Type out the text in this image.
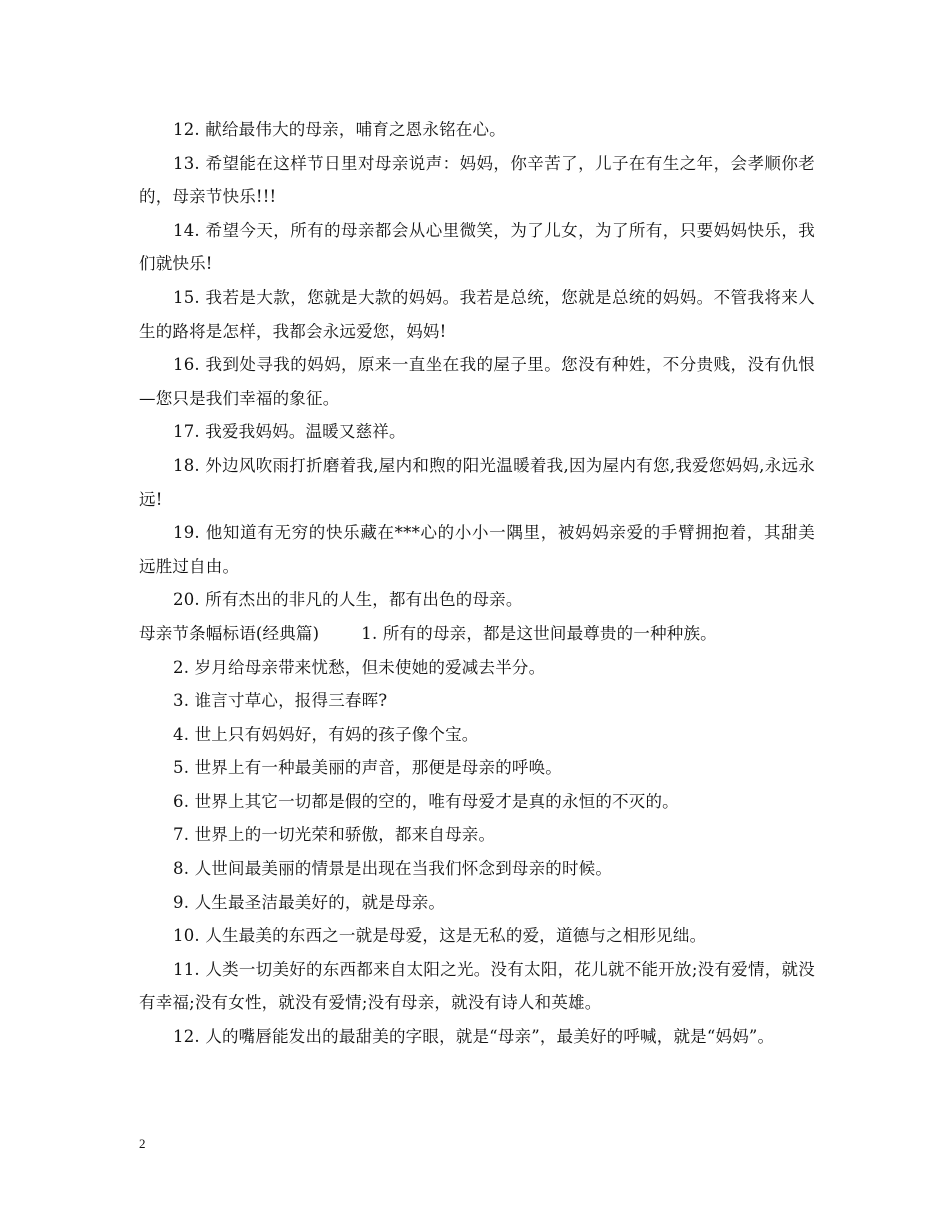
12. 献给最伟大的母亲，哺育之恩永铭在心。

13. 希望能在这样节日里对母亲说声：妈妈，你辛苦了，儿子在有生之年，会孝顺你老的，母亲节快乐!!!

14. 希望今天，所有的母亲都会从心里微笑，为了儿女，为了所有，只要妈妈快乐，我们就快乐!

15. 我若是大款，您就是大款的妈妈。我若是总统，您就是总统的妈妈。不管我将来人生的路将是怎样，我都会永远爱您，妈妈!

16. 我到处寻我的妈妈，原来一直坐在我的屋子里。您没有种姓，不分贵贱，没有仇恨—您只是我们幸福的象征。

17. 我爱我妈妈。温暖又慈祥。

18. 外边风吹雨打折磨着我,屋内和煦的阳光温暖着我,因为屋内有您,我爱您妈妈,永远永远!

19. 他知道有无穷的快乐藏在***心的小小一隅里，被妈妈亲爱的手臂拥抱着，其甜美远胜过自由。

20. 所有杰出的非凡的人生，都有出色的母亲。

母亲节条幅标语(经典篇)	1. 所有的母亲，都是这世间最尊贵的一种种族。

2. 岁月给母亲带来忧愁，但未使她的爱减去半分。

3. 谁言寸草心，报得三春晖?

4. 世上只有妈妈好，有妈的孩子像个宝。

5. 世界上有一种最美丽的声音，那便是母亲的呼唤。

6. 世界上其它一切都是假的空的，唯有母爱才是真的永恒的不灭的。

7. 世界上的一切光荣和骄傲，都来自母亲。

8. 人世间最美丽的情景是出现在当我们怀念到母亲的时候。

9. 人生最圣洁最美好的，就是母亲。

10. 人生最美的东西之一就是母爱，这是无私的爱，道德与之相形见绌。

11. 人类一切美好的东西都来自太阳之光。没有太阳，花儿就不能开放;没有爱情，就没有幸福;没有女性，就没有爱情;没有母亲，就没有诗人和英雄。

12. 人的嘴唇能发出的最甜美的字眼，就是“母亲”，最美好的呼喊，就是“妈妈”。

2
